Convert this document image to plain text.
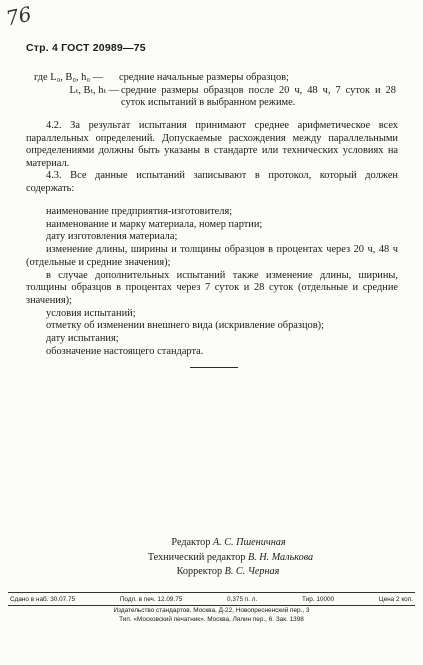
76
Стр. 4 ГОСТ 20989—75
где L₀, B₀, h₀ —	средние начальные размеры образцов;
Lₜ, Bₜ, hₜ — средние размеры образцов после 20 ч, 48 ч, 7 суток и 28 суток испытаний в выбранном режиме.
4.2. За результат испытания принимают среднее арифметическое всех параллельных определений. Допускаемые расхождения между параллельными определениями должны быть указаны в стандарте или технических условиях на материал.
4.3. Все данные испытаний записывают в протокол, который должен содержать:
наименование предприятия-изготовителя;
наименование и марку материала, номер партии;
дату изготовления материала;
изменение длины, ширины и толщины образцов в процентах через 20 ч, 48 ч (отдельные и средние значения);
в случае дополнительных испытаний также изменение длины, ширины, толщины образцов в процентах через 7 суток и 28 суток (отдельные и средние значения);
условия испытаний;
отметку об изменении внешнего вида (искривление образцов);
дату испытания;
обозначение настоящего стандарта.
Редактор А. С. Пшеничная
Технический редактор В. Н. Малькова
Корректор В. С. Черная
Сдано в наб. 30.07.75	Подп. в печ. 12.09.75	0,375 п. л.	Тир. 10000	Цена 2 коп.
Издательство стандартов. Москва, Д-22, Новопресненский пер., 3
Тип. «Московский печатник». Москва, Лялин пер., 6. Зак. 1398
